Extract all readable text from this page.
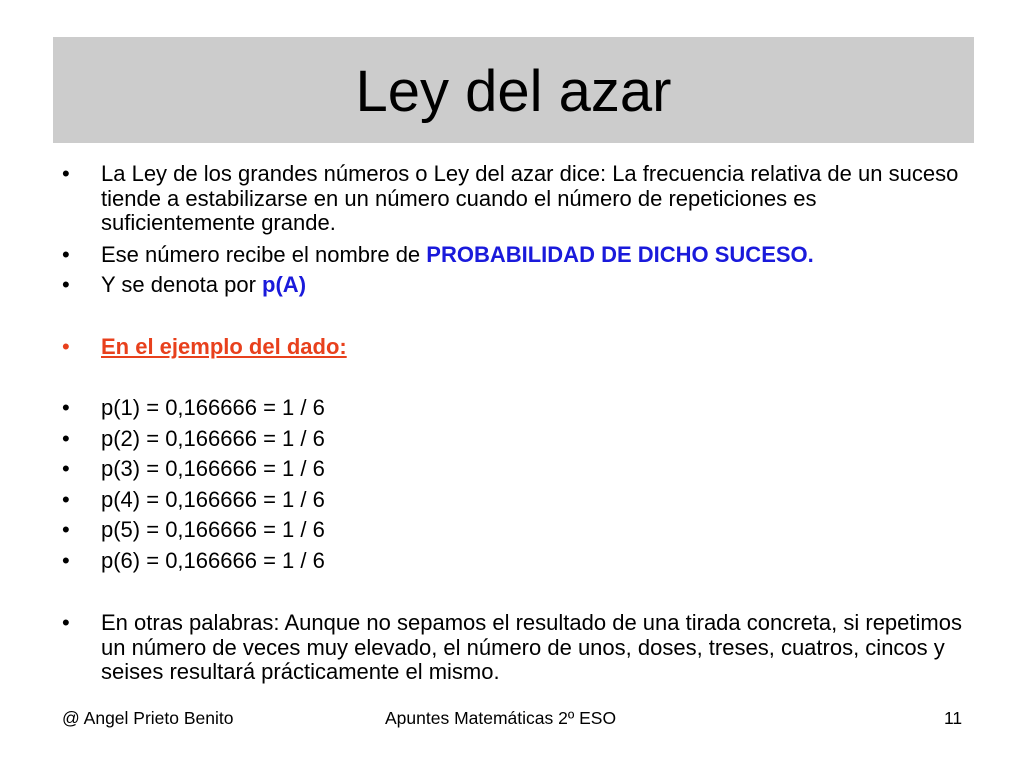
Ley del azar
• La Ley de los grandes números o Ley del azar dice: La frecuencia relativa de un suceso tiende a estabilizarse en un número cuando el número de repeticiones es suficientemente grande.
• Ese número recibe el nombre de PROBABILIDAD DE DICHO SUCESO.
• Y se denota por p(A)
• En el ejemplo del dado:
• p(1) = 0,166666 = 1 / 6
• p(2) = 0,166666 = 1 / 6
• p(3) = 0,166666 = 1 / 6
• p(4) = 0,166666 = 1 / 6
• p(5) = 0,166666 = 1 / 6
• p(6) = 0,166666 = 1 / 6
• En otras palabras: Aunque no sepamos el resultado de una tirada concreta, si repetimos un número de veces muy elevado, el número de unos, doses, treses, cuatros, cincos y seises resultará prácticamente el mismo.
@ Angel Prieto Benito	Apuntes Matemáticas 2º ESO	11
